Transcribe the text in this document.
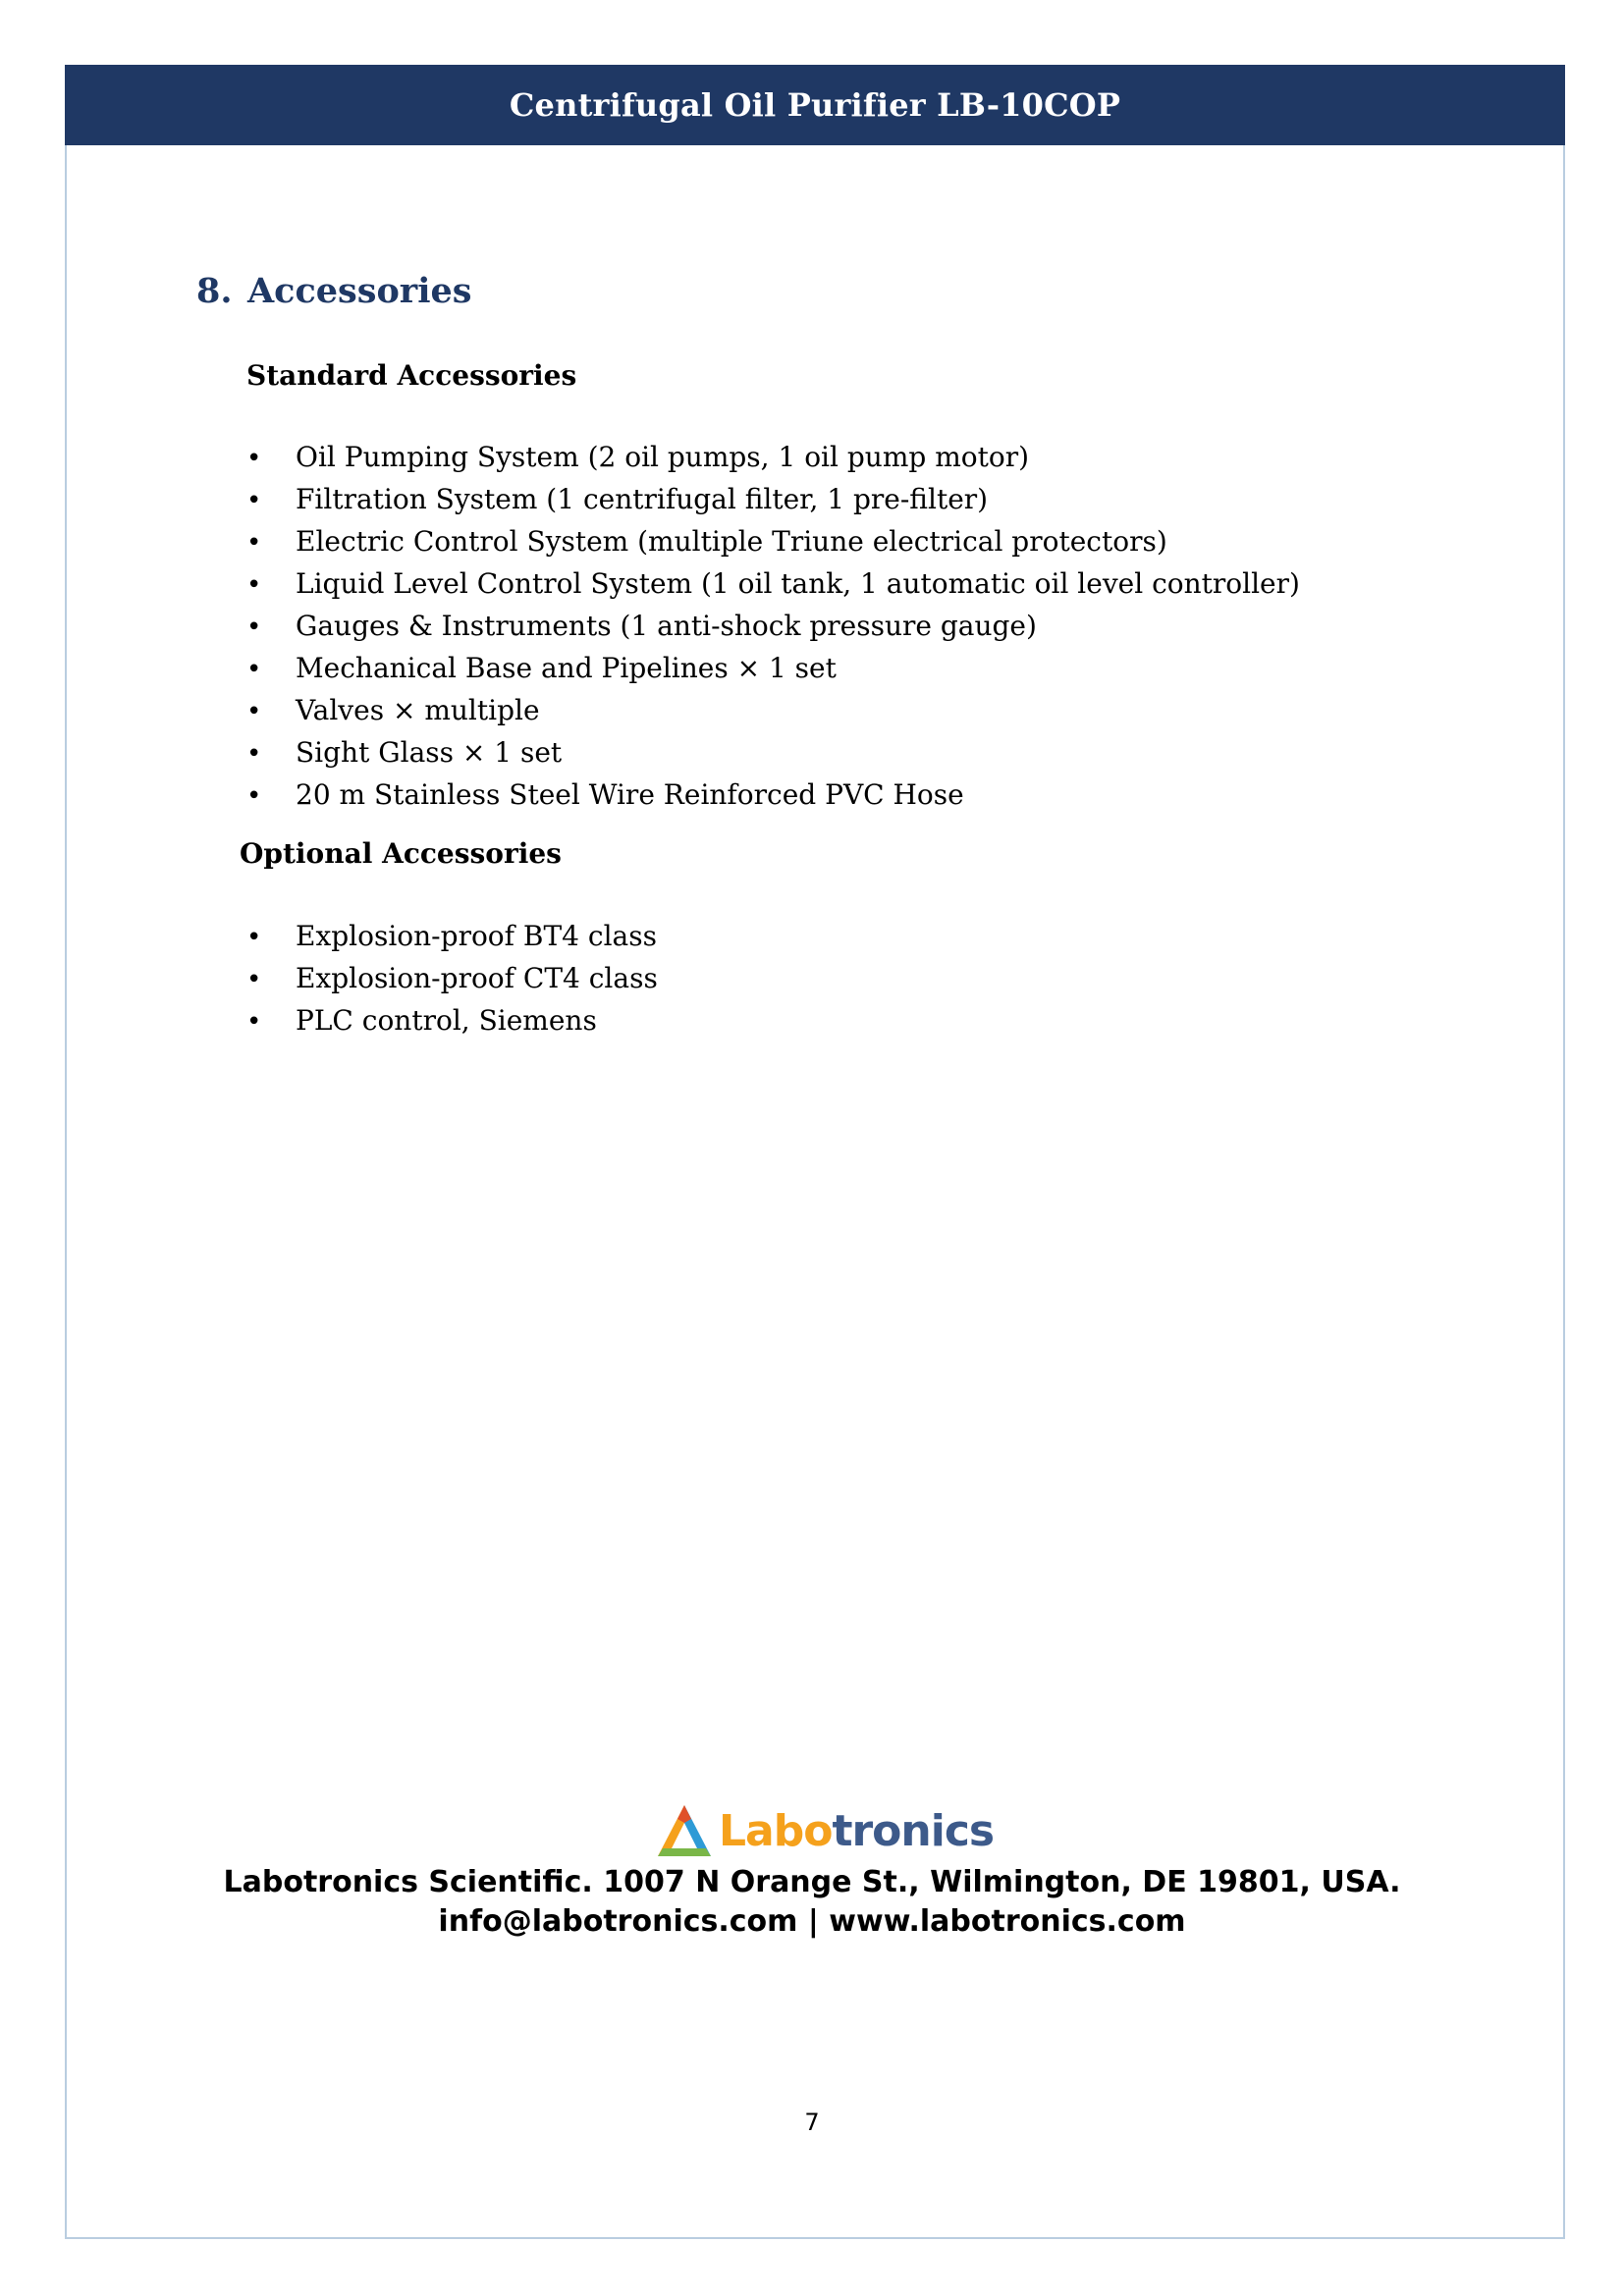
Centrifugal Oil Purifier LB-10COP
8. Accessories
Standard Accessories
•	Oil Pumping System (2 oil pumps, 1 oil pump motor)
•	Filtration System (1 centrifugal filter, 1 pre-filter)
•	Electric Control System (multiple Triune electrical protectors)
•	Liquid Level Control System (1 oil tank, 1 automatic oil level controller)
•	Gauges & Instruments (1 anti-shock pressure gauge)
•	Mechanical Base and Pipelines × 1 set
•	Valves × multiple
•	Sight Glass × 1 set
•	20 m Stainless Steel Wire Reinforced PVC Hose
Optional Accessories
•	Explosion-proof BT4 class
•	Explosion-proof CT4 class
•	PLC control, Siemens
Labotronics
Labotronics Scientific. 1007 N Orange St., Wilmington, DE 19801, USA.
info@labotronics.com | www.labotronics.com
7
